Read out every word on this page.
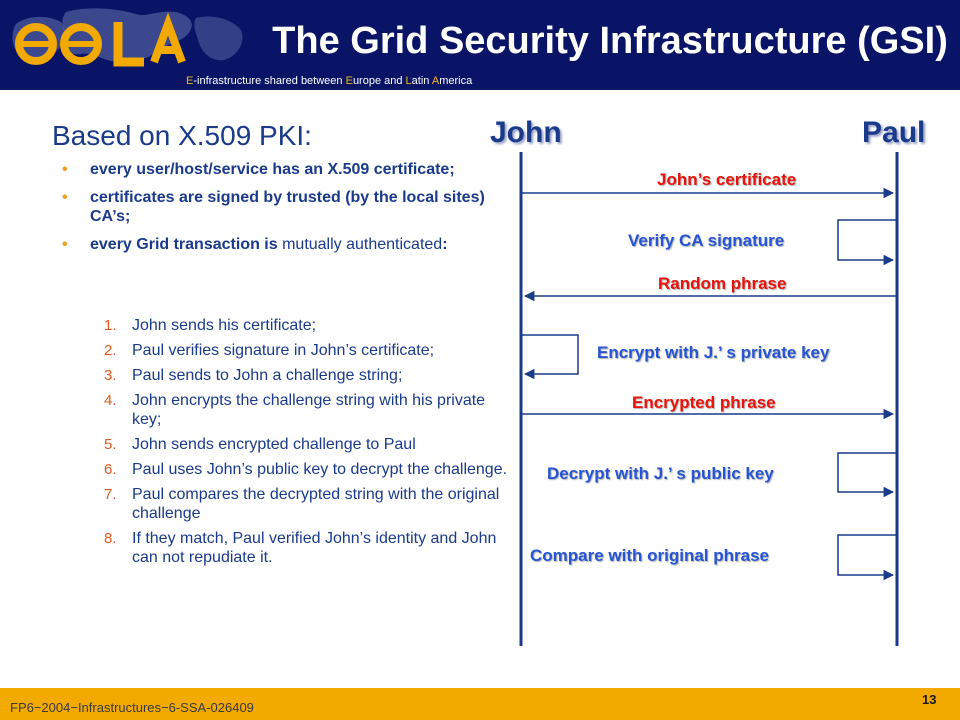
E-infrastructure shared between Europe and Latin America
The Grid Security Infrastructure (GSI)
Based on X.509 PKI:	John	Paul
• every user/host/service has an X.509 certificate;
• certificates are signed by trusted (by the local sites) CA’s;
• every Grid transaction is mutually authenticated:
1. John sends his certificate;
2. Paul verifies signature in John’s certificate;
3. Paul sends to John a challenge string;
4. John encrypts the challenge string with his private key;
5. John sends encrypted challenge to Paul
6. Paul uses John’s public key to decrypt the challenge.
7. Paul compares the decrypted string with the original challenge
8. If they match, Paul verified John’s identity and John can not repudiate it.
John’s certificate
Verify CA signature
Random phrase
Encrypt with J.’ s private key
Encrypted phrase
Decrypt with J.’ s public key
Compare with original phrase
FP6−2004−Infrastructures−6-SSA-026409
13
